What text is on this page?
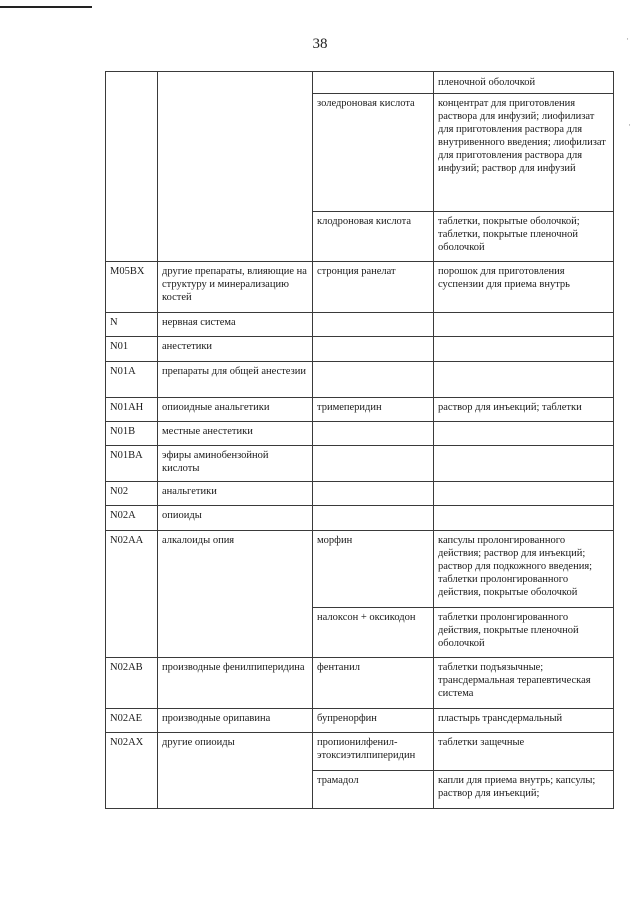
38	·
·
			пленочной оболочкой
		золедроновая кислота	концентрат для приготовления раствора для инфузий; лиофилизат для приготовления раствора для внутривенного введения; лиофилизат для приготовления раствора для инфузий; раствор для инфузий
		клодроновая кислота	таблетки, покрытые оболочкой; таблетки, покрытые пленочной оболочкой
M05BX	другие препараты, влияющие на структуру и минерализацию костей	стронция ранелат	порошок для приготовления суспензии для приема внутрь
N	нервная система		
N01	анестетики		
N01A	препараты для общей анестезии		
N01AH	опиоидные анальгетики	тримеперидин	раствор для инъекций; таблетки
N01B	местные анестетики		
N01BA	эфиры аминобензойной кислоты		
N02	анальгетики		
N02A	опиоиды		
N02AA	алкалоиды опия	морфин	капсулы пролонгированного действия; раствор для инъекций; раствор для подкожного введения; таблетки пролонгированного действия, покрытые оболочкой
		налоксон + оксикодон	таблетки пролонгированного действия, покрытые пленочной оболочкой
N02AB	производные фенилпиперидина	фентанил	таблетки подъязычные; трансдермальная терапевтическая система
N02AE	производные орипавина	бупренорфин	пластырь трансдермальный
N02AX	другие опиоиды	пропионилфенил-этоксиэтилпиперидин	таблетки защечные
		трамадол	капли для приема внутрь; капсулы; раствор для инъекций;
